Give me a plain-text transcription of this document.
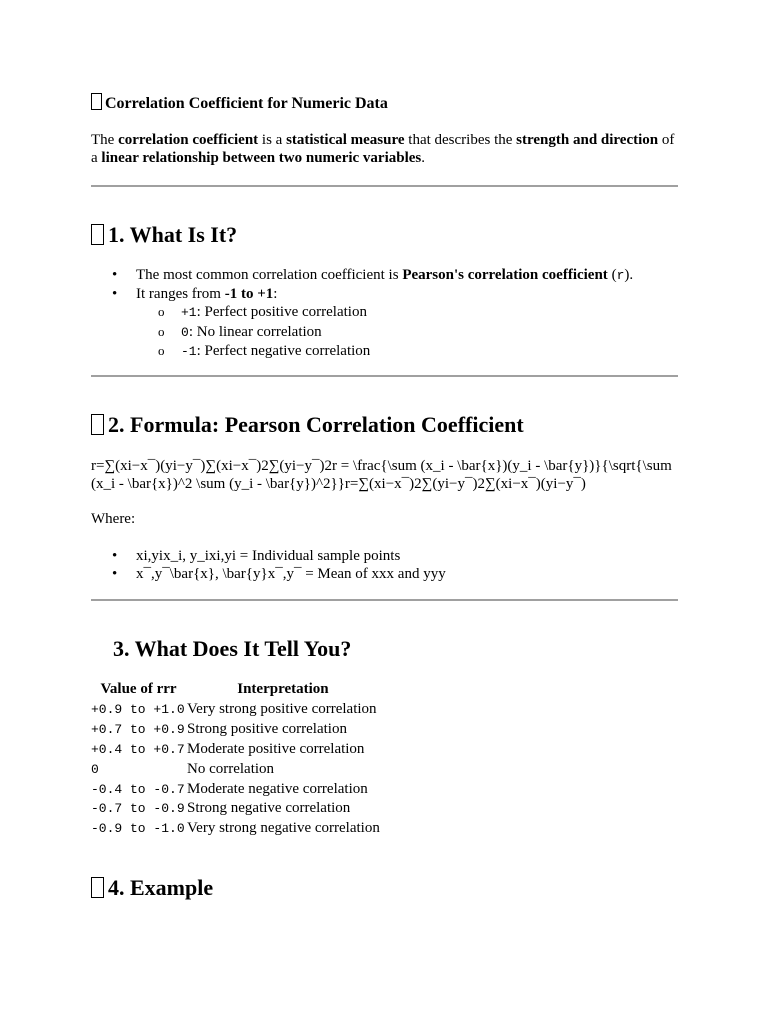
Correlation Coefficient for Numeric Data

The correlation coefficient is a statistical measure that describes the strength and direction of a linear relationship between two numeric variables.

1. What Is It?
• The most common correlation coefficient is Pearson's correlation coefficient (r).
• It ranges from -1 to +1:
o +1: Perfect positive correlation
o 0: No linear correlation
o -1: Perfect negative correlation
2. Formula: Pearson Correlation Coefficient

r=∑(xi−x¯)(yi−y¯)∑(xi−x¯)2∑(yi−y¯)2r = \frac{\sum (x_i - \bar{x})(y_i - \bar{y})}{\sqrt{\sum (x_i - \bar{x})^2 \sum (y_i - \bar{y})^2}}r=∑(xi−x¯)2∑(yi−y¯)2∑(xi−x¯)(yi−y¯)

Where:

• xi,yix_i, y_ixi,yi = Individual sample points
• x¯,y¯\bar{x}, \bar{y}x¯,y¯ = Mean of xxx and yyy
3. What Does It Tell You?
Value of rrr	Interpretation
+0.9 to +1.0	Very strong positive correlation
+0.7 to +0.9	Strong positive correlation
+0.4 to +0.7	Moderate positive correlation
0	No correlation
-0.4 to -0.7	Moderate negative correlation
-0.7 to -0.9	Strong negative correlation
-0.9 to -1.0	Very strong negative correlation
4. Example
